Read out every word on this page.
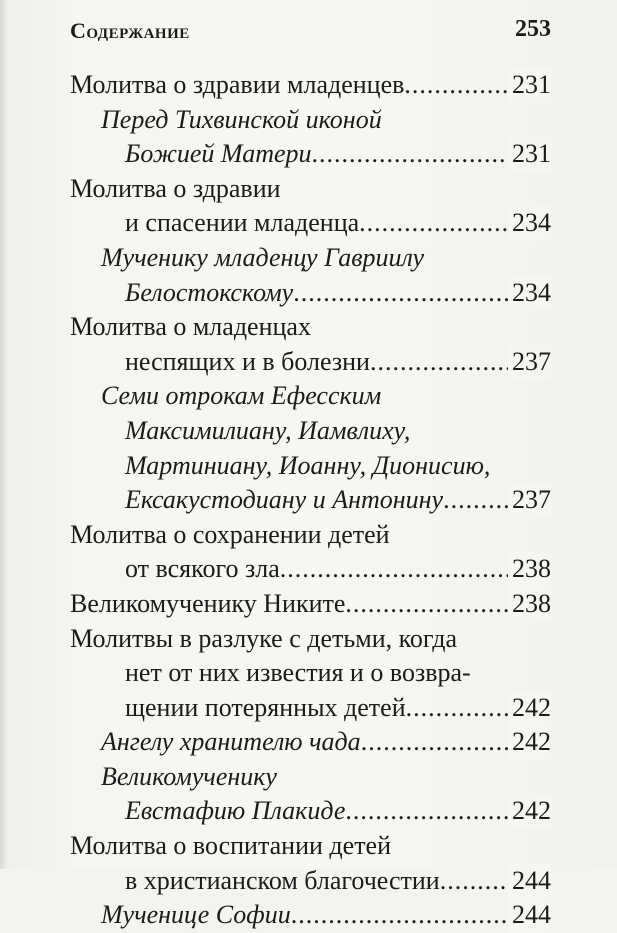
Содержание	253
Молитва о здравии младенцев .....	231
Перед Тихвинской иконой
Божией Матери .....	231
Молитва о здравии
и спасении младенца .....	234
Мученику младенцу Гавриилу
Белостокскому .....	234
Молитва о младенцах
неспящих и в болезни .....	237
Семи отрокам Ефесским
Максимилиану, Иамвлиху,
Мартиниану, Иоанну, Дионисию,
Ексакустодиану и Антонину .....	237
Молитва о сохранении детей
от всякого зла .....	238
Великомученику Никите .....	238
Молитвы в разлуке с детьми, когда
нет от них известия и о возвра-
щении потерянных детей .....	242
Ангелу хранителю чада .....	242
Великомученику
Евстафию Плакиде .....	242
Молитва о воспитании детей
в христианском благочестии .....	244
Мученице Софии .....	244
